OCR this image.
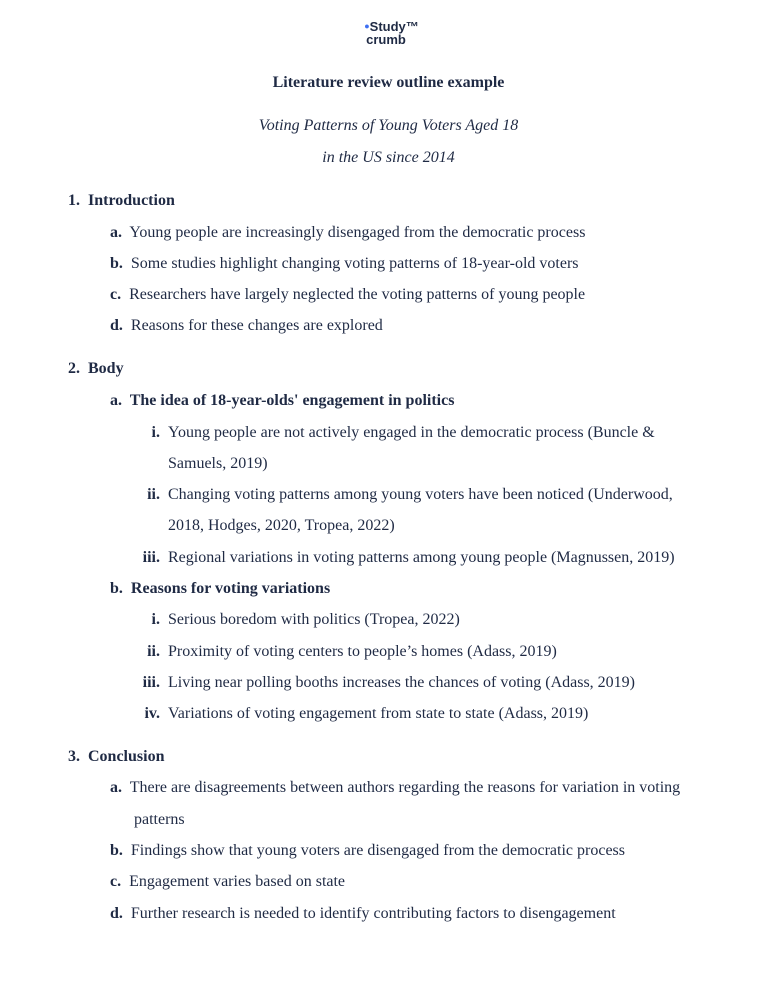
●Study™
crumb
Literature review outline example
Voting Patterns of Young Voters Aged 18
in the US since 2014
1. Introduction
a. Young people are increasingly disengaged from the democratic process
b. Some studies highlight changing voting patterns of 18-year-old voters
c. Researchers have largely neglected the voting patterns of young people
d. Reasons for these changes are explored
2. Body
a. The idea of 18-year-olds' engagement in politics
i. Young people are not actively engaged in the democratic process (Buncle &
Samuels, 2019)
ii. Changing voting patterns among young voters have been noticed (Underwood,
2018, Hodges, 2020, Tropea, 2022)
iii. Regional variations in voting patterns among young people (Magnussen, 2019)
b. Reasons for voting variations
i. Serious boredom with politics (Tropea, 2022)
ii. Proximity of voting centers to people’s homes (Adass, 2019)
iii. Living near polling booths increases the chances of voting (Adass, 2019)
iv. Variations of voting engagement from state to state (Adass, 2019)
3. Conclusion
a. There are disagreements between authors regarding the reasons for variation in voting
patterns
b. Findings show that young voters are disengaged from the democratic process
c. Engagement varies based on state
d. Further research is needed to identify contributing factors to disengagement
